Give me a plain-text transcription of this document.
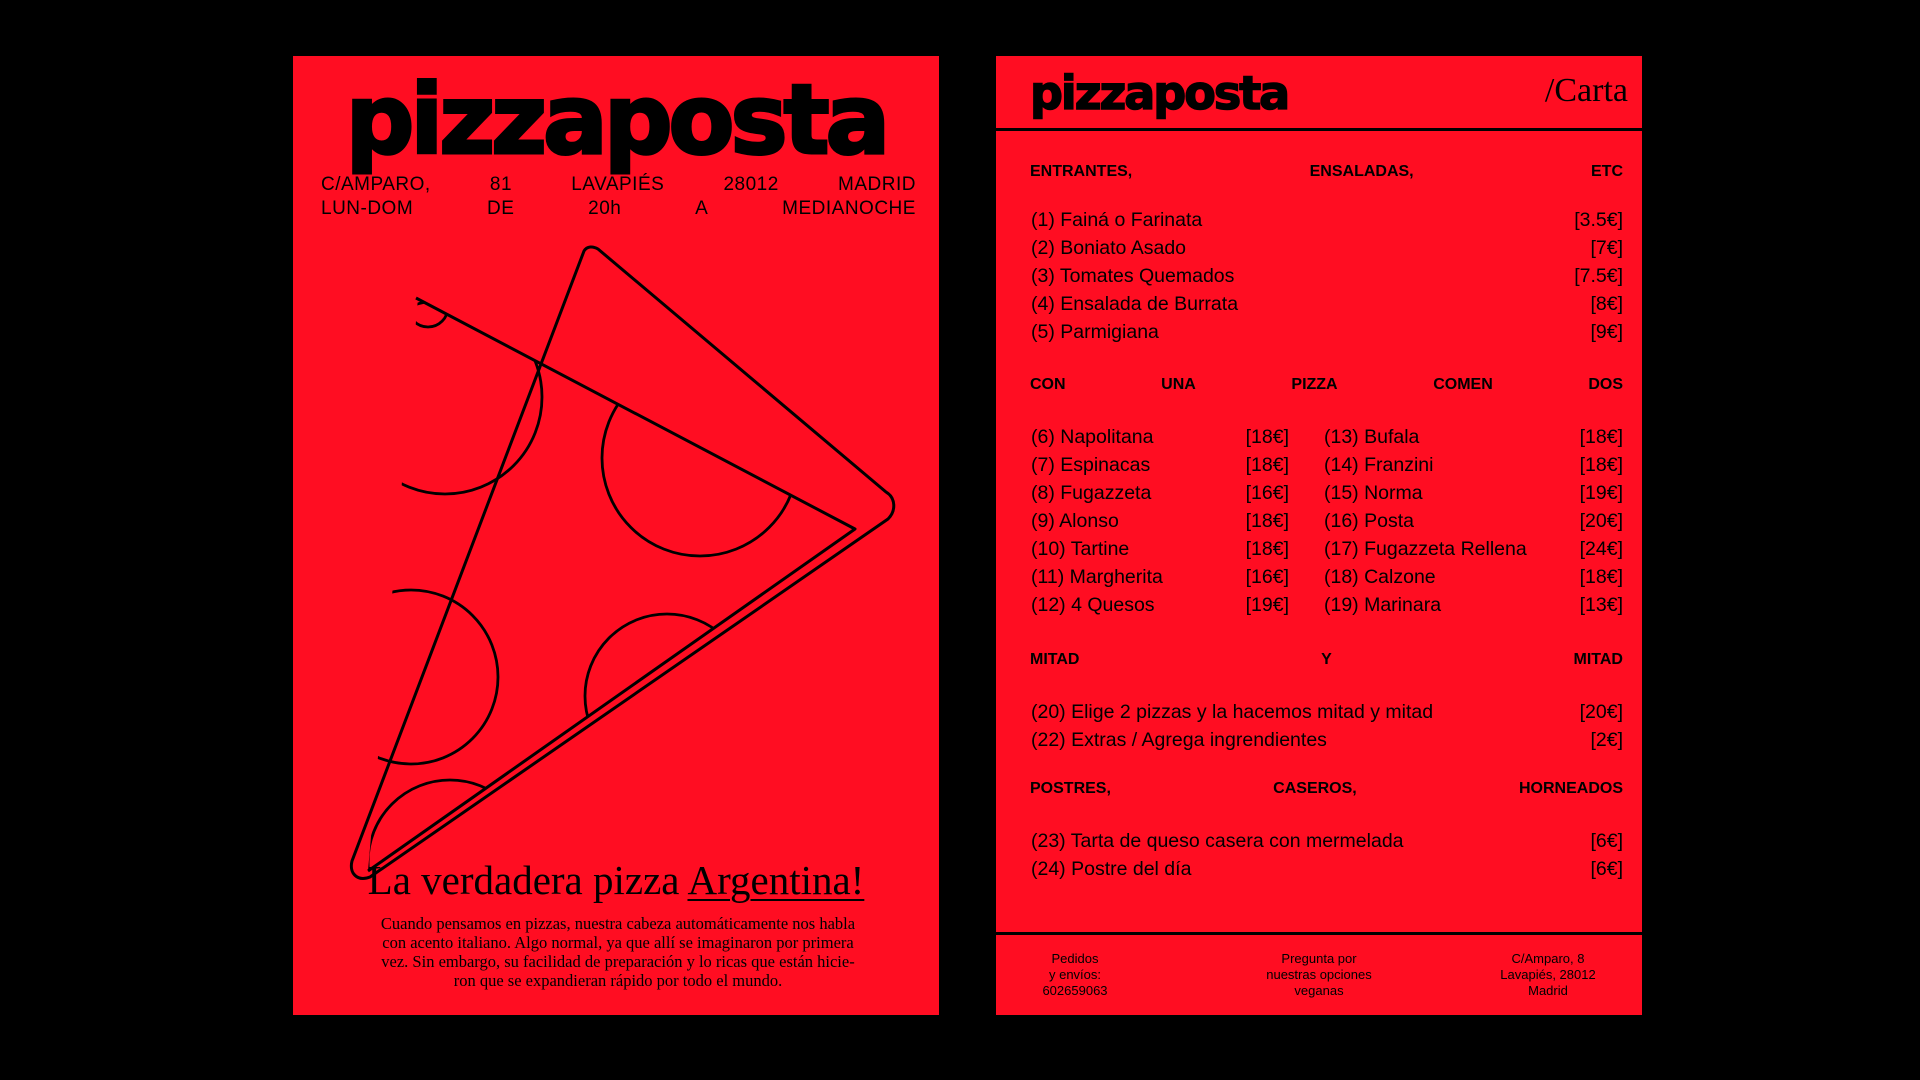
pizzaposta
C/AMPARO,	81	LAVAPIÉS	28012	MADRID
LUN-DOM	DE	20h	A	MEDIANOCHE
La verdadera pizza Argentina!
Cuando pensamos en pizzas, nuestra cabeza automáticamente nos habla
con acento italiano. Algo normal, ya que allí se imaginaron por primera
vez. Sin embargo, su facilidad de preparación y lo ricas que están hicie-
ron que se expandieran rápido por todo el mundo.
pizzaposta	/Carta
ENTRANTES,	ENSALADAS,	ETC
(1) Fainá o Farinata	[3.5€]
(2) Boniato Asado	[7€]
(3) Tomates Quemados	[7.5€]
(4) Ensalada de Burrata	[8€]
(5) Parmigiana	[9€]
CON	UNA	PIZZA	COMEN	DOS
(6) Napolitana	[18€]
(7) Espinacas	[18€]
(8) Fugazzeta	[16€]
(9) Alonso	[18€]
(10) Tartine	[18€]
(11) Margherita	[16€]
(12) 4 Quesos	[19€]
(13) Bufala	[18€]
(14) Franzini	[18€]
(15) Norma	[19€]
(16) Posta	[20€]
(17) Fugazzeta Rellena	[24€]
(18) Calzone	[18€]
(19) Marinara	[13€]
MITAD	Y	MITAD
(20) Elige 2 pizzas y la hacemos mitad y mitad	[20€]
(22) Extras / Agrega ingrendientes	[2€]
POSTRES,	CASEROS,	HORNEADOS
(23) Tarta de queso casera con mermelada	[6€]
(24) Postre del día	[6€]
Pedidos
y envíos:
602659063
Pregunta por
nuestras opciones
veganas
C/Amparo, 8
Lavapiés, 28012
Madrid
